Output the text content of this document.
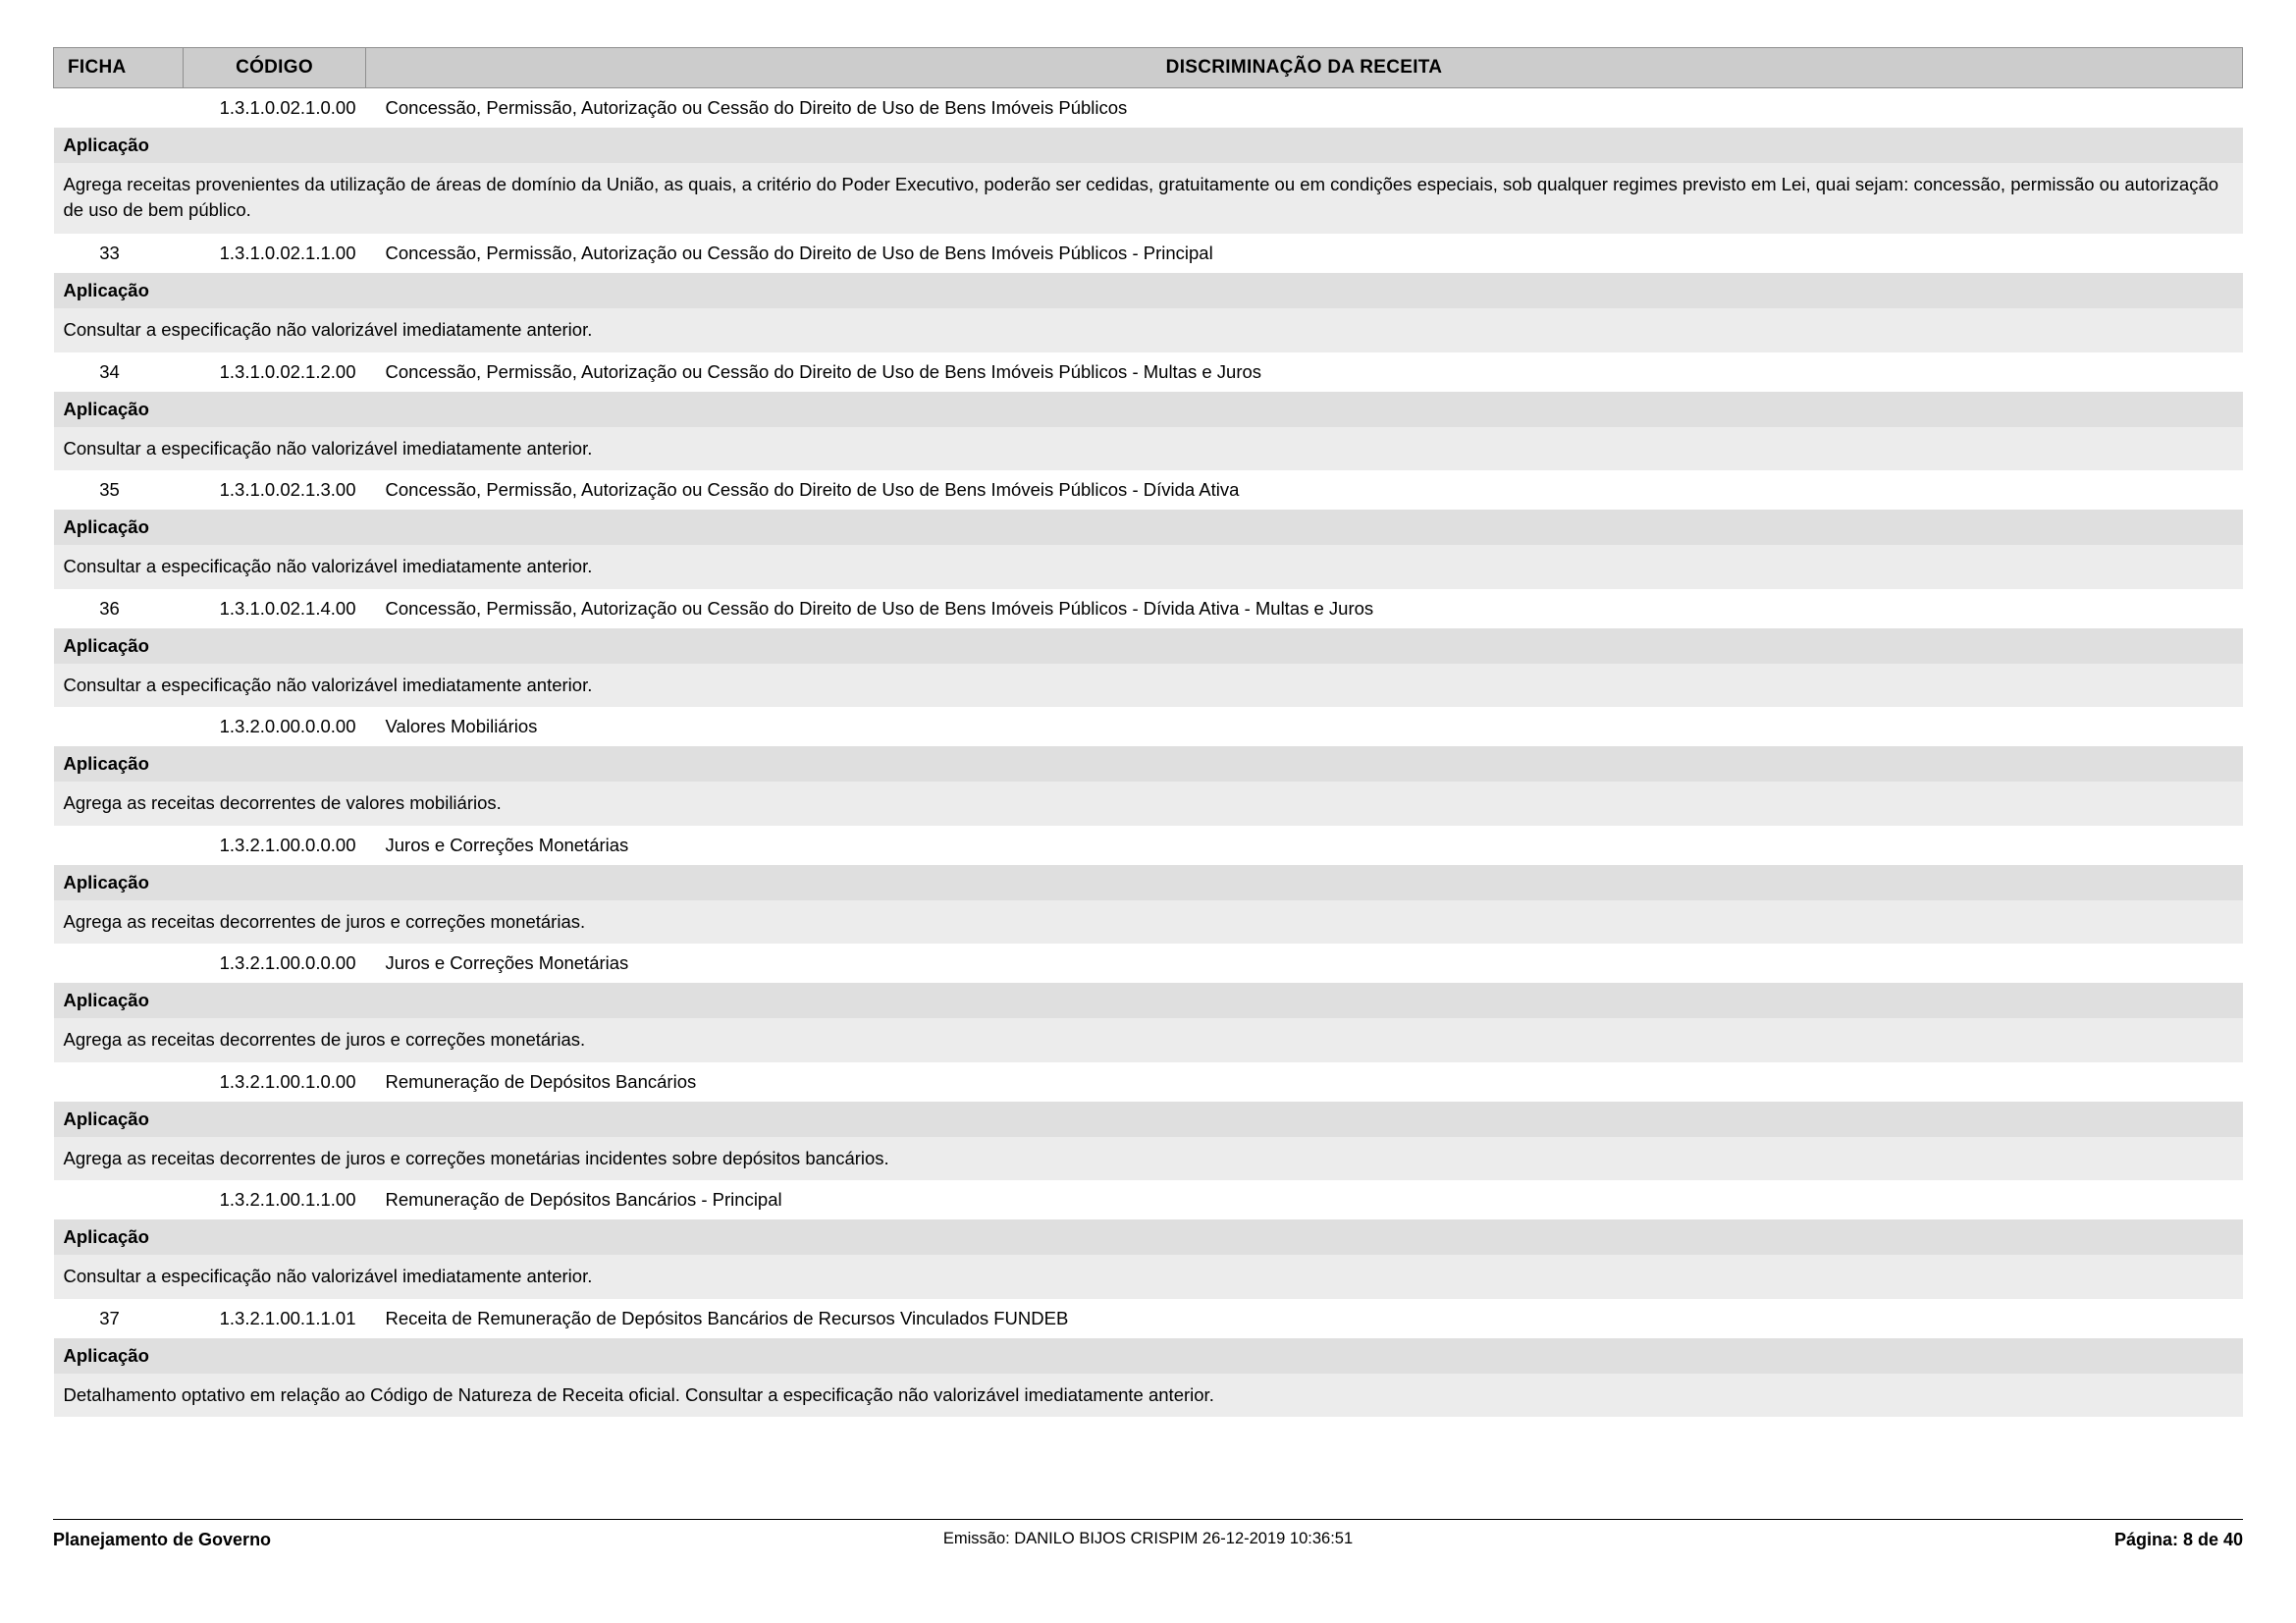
FICHA	CÓDIGO	DISCRIMINAÇÃO DA RECEITA
	1.3.1.0.02.1.0.00	Concessão, Permissão, Autorização ou Cessão do Direito de Uso de Bens Imóveis Públicos
Aplicação		
Agrega receitas provenientes da utilização de áreas de domínio da União, as quais, a critério do Poder Executivo, poderão ser cedidas, gratuitamente ou em condições especiais, sob qualquer regimes previsto em Lei, quai sejam: concessão, permissão ou autorização de uso de bem público.		
33	1.3.1.0.02.1.1.00	Concessão, Permissão, Autorização ou Cessão do Direito de Uso de Bens Imóveis Públicos - Principal
Aplicação		
Consultar a especificação não valorizável imediatamente anterior.		
34	1.3.1.0.02.1.2.00	Concessão, Permissão, Autorização ou Cessão do Direito de Uso de Bens Imóveis Públicos - Multas e Juros
Aplicação		
Consultar a especificação não valorizável imediatamente anterior.		
35	1.3.1.0.02.1.3.00	Concessão, Permissão, Autorização ou Cessão do Direito de Uso de Bens Imóveis Públicos - Dívida Ativa
Aplicação		
Consultar a especificação não valorizável imediatamente anterior.		
36	1.3.1.0.02.1.4.00	Concessão, Permissão, Autorização ou Cessão do Direito de Uso de Bens Imóveis Públicos - Dívida Ativa - Multas e Juros
Aplicação		
Consultar a especificação não valorizável imediatamente anterior.		
	1.3.2.0.00.0.0.00	Valores Mobiliários
Aplicação		
Agrega as receitas decorrentes de valores mobiliários.		
	1.3.2.1.00.0.0.00	Juros e Correções Monetárias
Aplicação		
Agrega as receitas decorrentes de juros e correções monetárias.		
	1.3.2.1.00.0.0.00	Juros e Correções Monetárias
Aplicação		
Agrega as receitas decorrentes de juros e correções monetárias.		
	1.3.2.1.00.1.0.00	Remuneração de Depósitos Bancários
Aplicação		
Agrega as receitas decorrentes de juros e correções monetárias incidentes sobre depósitos bancários.		
	1.3.2.1.00.1.1.00	Remuneração de Depósitos Bancários - Principal
Aplicação		
Consultar a especificação não valorizável imediatamente anterior.		
37	1.3.2.1.00.1.1.01	Receita de Remuneração de Depósitos Bancários de Recursos Vinculados FUNDEB
Aplicação		
Detalhamento optativo em relação ao Código de Natureza de Receita oficial. Consultar a especificação não valorizável imediatamente anterior.		
Planejamento de Governo	Emissão: DANILO BIJOS CRISPIM 26-12-2019 10:36:51	Página: 8 de 40
